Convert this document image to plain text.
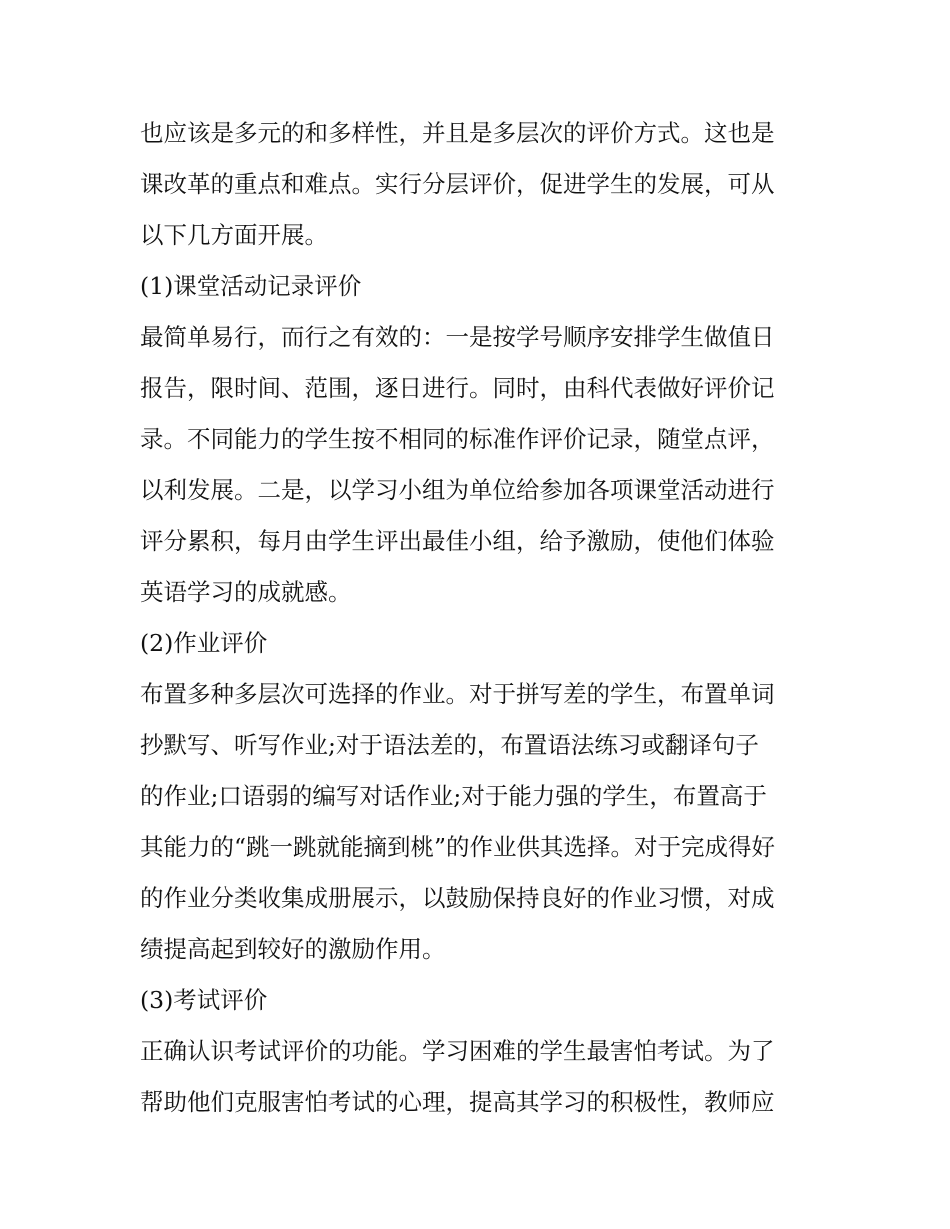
也应该是多元的和多样性，并且是多层次的评价方式。这也是
课改革的重点和难点。实行分层评价，促进学生的发展，可从
以下几方面开展。
(1)课堂活动记录评价
最简单易行，而行之有效的：一是按学号顺序安排学生做值日
报告，限时间、范围，逐日进行。同时，由科代表做好评价记
录。不同能力的学生按不相同的标准作评价记录，随堂点评，
以利发展。二是，以学习小组为单位给参加各项课堂活动进行
评分累积，每月由学生评出最佳小组，给予激励，使他们体验
英语学习的成就感。
(2)作业评价
布置多种多层次可选择的作业。对于拼写差的学生，布置单词
抄默写、听写作业;对于语法差的，布置语法练习或翻译句子
的作业;口语弱的编写对话作业;对于能力强的学生，布置高于
其能力的“跳一跳就能摘到桃”的作业供其选择。对于完成得好
的作业分类收集成册展示，以鼓励保持良好的作业习惯，对成
绩提高起到较好的激励作用。
(3)考试评价
正确认识考试评价的功能。学习困难的学生最害怕考试。为了
帮助他们克服害怕考试的心理，提高其学习的积极性，教师应
